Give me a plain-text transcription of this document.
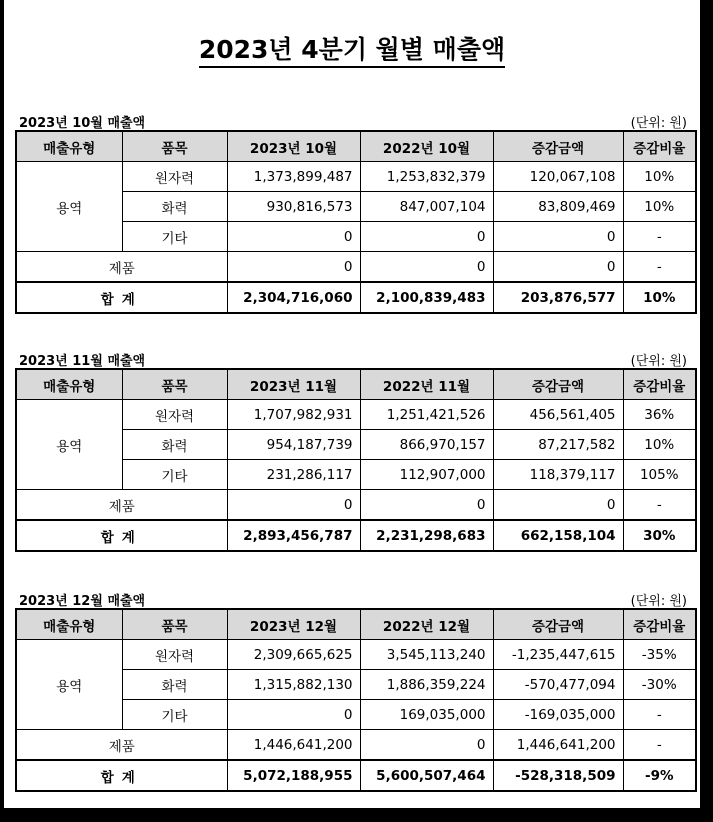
2023년 4분기 월별 매출액
2023년 10월 매출액	(단위: 원)
매출유형	품목	2023년 10월	2022년 10월	증감금액	증감비율
용역	원자력	1,373,899,487	1,253,832,379	120,067,108	10%
	화력	930,816,573	847,007,104	83,809,469	10%
	기타	0	0	0	-
제품		0	0	0	-
합계		2,304,716,060	2,100,839,483	203,876,577	10%
2023년 11월 매출액	(단위: 원)
매출유형	품목	2023년 11월	2022년 11월	증감금액	증감비율
용역	원자력	1,707,982,931	1,251,421,526	456,561,405	36%
	화력	954,187,739	866,970,157	87,217,582	10%
	기타	231,286,117	112,907,000	118,379,117	105%
제품		0	0	0	-
합계		2,893,456,787	2,231,298,683	662,158,104	30%
2023년 12월 매출액	(단위: 원)
매출유형	품목	2023년 12월	2022년 12월	증감금액	증감비율
용역	원자력	2,309,665,625	3,545,113,240	-1,235,447,615	-35%
	화력	1,315,882,130	1,886,359,224	-570,477,094	-30%
	기타	0	169,035,000	-169,035,000	-
제품		1,446,641,200	0	1,446,641,200	-
합계		5,072,188,955	5,600,507,464	-528,318,509	-9%
